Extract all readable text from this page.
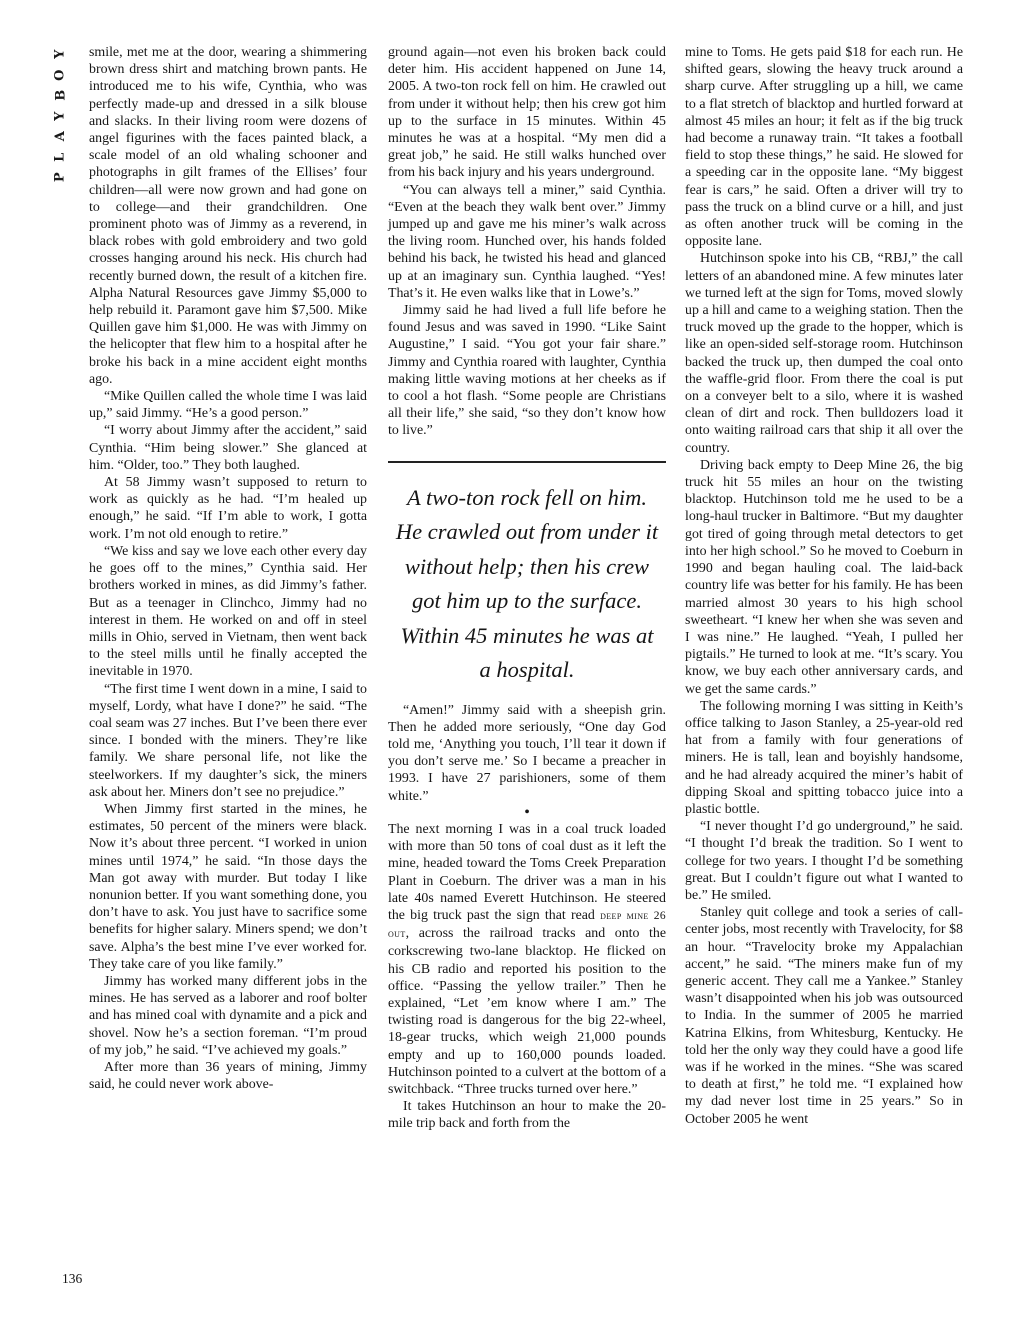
Y
O
B
Y
A
L
P

smile, met me at the door, wearing a shimmering brown dress shirt and matching brown pants. He introduced me to his wife, Cynthia, who was perfectly made-up and dressed in a silk blouse and slacks. In their living room were dozens of angel figurines with the faces painted black, a scale model of an old whaling schooner and photographs in gilt frames of the Ellises’ four children—all were now grown and had gone on to college—and their grandchildren. One prominent photo was of Jimmy as a reverend, in black robes with gold embroidery and two gold crosses hanging around his neck. His church had recently burned down, the result of a kitchen fire. Alpha Natural Resources gave Jimmy $5,000 to help rebuild it. Paramont gave him $7,500. Mike Quillen gave him $1,000. He was with Jimmy on the helicopter that flew him to a hospital after he broke his back in a mine accident eight months ago.

“Mike Quillen called the whole time I was laid up,” said Jimmy. “He’s a good person.”

“I worry about Jimmy after the accident,” said Cynthia. “Him being slower.” She glanced at him. “Older, too.” They both laughed.

At 58 Jimmy wasn’t supposed to return to work as quickly as he had. “I’m healed up enough,” he said. “If I’m able to work, I gotta work. I’m not old enough to retire.”

“We kiss and say we love each other every day he goes off to the mines,” Cynthia said. Her brothers worked in mines, as did Jimmy’s father. But as a teenager in Clinchco, Jimmy had no interest in them. He worked on and off in steel mills in Ohio, served in Vietnam, then went back to the steel mills until he finally accepted the inevitable in 1970.

“The first time I went down in a mine, I said to myself, Lordy, what have I done?” he said. “The coal seam was 27 inches. But I’ve been there ever since. I bonded with the miners. They’re like family. We share personal life, not like the steelworkers. If my daughter’s sick, the miners ask about her. Miners don’t see no prejudice.”

When Jimmy first started in the mines, he estimates, 50 percent of the miners were black. Now it’s about three percent. “I worked in union mines until 1974,” he said. “In those days the Man got away with murder. But today I like nonunion better. If you want something done, you don’t have to ask. You just have to sacrifice some benefits for higher salary. Miners spend; we don’t save. Alpha’s the best mine I’ve ever worked for. They take care of you like family.”

Jimmy has worked many different jobs in the mines. He has served as a laborer and roof bolter and has mined coal with dynamite and a pick and shovel. Now he’s a section foreman. “I’m proud of my job,” he said. “I’ve achieved my goals.”

After more than 36 years of mining, Jimmy said, he could never work above-

ground again—not even his broken back could deter him. His accident happened on June 14, 2005. A two-ton rock fell on him. He crawled out from under it without help; then his crew got him up to the surface in 15 minutes. Within 45 minutes he was at a hospital. “My men did a great job,” he said. He still walks hunched over from his back injury and his years underground.

“You can always tell a miner,” said Cynthia. “Even at the beach they walk bent over.” Jimmy jumped up and gave me his miner’s walk across the living room. Hunched over, his hands folded behind his back, he twisted his head and glanced up at an imaginary sun. Cynthia laughed. “Yes! That’s it. He even walks like that in Lowe’s.”

Jimmy said he had lived a full life before he found Jesus and was saved in 1990. “Like Saint Augustine,” I said. “You got your fair share.” Jimmy and Cynthia roared with laughter, Cynthia making little waving motions at her cheeks as if to cool a hot flash. “Some people are Christians all their life,” she said, “so they don’t know how to live.”

A two-ton rock fell on him. He crawled out from under it without help; then his crew got him up to the surface. Within 45 minutes he was at a hospital.

“Amen!” Jimmy said with a sheepish grin. Then he added more seriously, “One day God told me, ‘Anything you touch, I’ll tear it down if you don’t serve me.’ So I became a preacher in 1993. I have 27 parishioners, some of them white.”

•

The next morning I was in a coal truck loaded with more than 50 tons of coal dust as it left the mine, headed toward the Toms Creek Preparation Plant in Coeburn. The driver was a man in his late 40s named Everett Hutchinson. He steered the big truck past the sign that read deep mine 26 out, across the railroad tracks and onto the corkscrewing two-lane blacktop. He flicked on his CB radio and reported his position to the office. “Passing the yellow trailer.” Then he explained, “Let ’em know where I am.” The twisting road is dangerous for the big 22-wheel, 18-gear trucks, which weigh 21,000 pounds empty and up to 160,000 pounds loaded. Hutchinson pointed to a culvert at the bottom of a switchback. “Three trucks turned over here.”

It takes Hutchinson an hour to make the 20-mile trip back and forth from the

mine to Toms. He gets paid $18 for each run. He shifted gears, slowing the heavy truck around a sharp curve. After struggling up a hill, we came to a flat stretch of blacktop and hurtled forward at almost 45 miles an hour; it felt as if the big truck had become a runaway train. “It takes a football field to stop these things,” he said. He slowed for a speeding car in the opposite lane. “My biggest fear is cars,” he said. Often a driver will try to pass the truck on a blind curve or a hill, and just as often another truck will be coming in the opposite lane.

Hutchinson spoke into his CB, “RBJ,” the call letters of an abandoned mine. A few minutes later we turned left at the sign for Toms, moved slowly up a hill and came to a weighing station. Then the truck moved up the grade to the hopper, which is like an open-sided self-storage room. Hutchinson backed the truck up, then dumped the coal onto the waffle-grid floor. From there the coal is put on a conveyer belt to a silo, where it is washed clean of dirt and rock. Then bulldozers load it onto waiting railroad cars that ship it all over the country.

Driving back empty to Deep Mine 26, the big truck hit 55 miles an hour on the twisting blacktop. Hutchinson told me he used to be a long-haul trucker in Baltimore. “But my daughter got tired of going through metal detectors to get into her high school.” So he moved to Coeburn in 1990 and began hauling coal. The laid-back country life was better for his family. He has been married almost 30 years to his high school sweetheart. “I knew her when she was seven and I was nine.” He laughed. “Yeah, I pulled her pigtails.” He turned to look at me. “It’s scary. You know, we buy each other anniversary cards, and we get the same cards.”

The following morning I was sitting in Keith’s office talking to Jason Stanley, a 25-year-old red hat from a family with four generations of miners. He is tall, lean and boyishly handsome, and he had already acquired the miner’s habit of dipping Skoal and spitting tobacco juice into a plastic bottle.

“I never thought I’d go underground,” he said. “I thought I’d break the tradition. So I went to college for two years. I thought I’d be something great. But I couldn’t figure out what I wanted to be.” He smiled.

Stanley quit college and took a series of call-center jobs, most recently with Travelocity, for $8 an hour. “Travelocity broke my Appalachian accent,” he said. “The miners make fun of my generic accent. They call me a Yankee.” Stanley wasn’t disappointed when his job was outsourced to India. In the summer of 2005 he married Katrina Elkins, from Whitesburg, Kentucky. He told her the only way they could have a good life was if he worked in the mines. “She was scared to death at first,” he told me. “I explained how my dad never lost time in 25 years.” So in October 2005 he went

136
